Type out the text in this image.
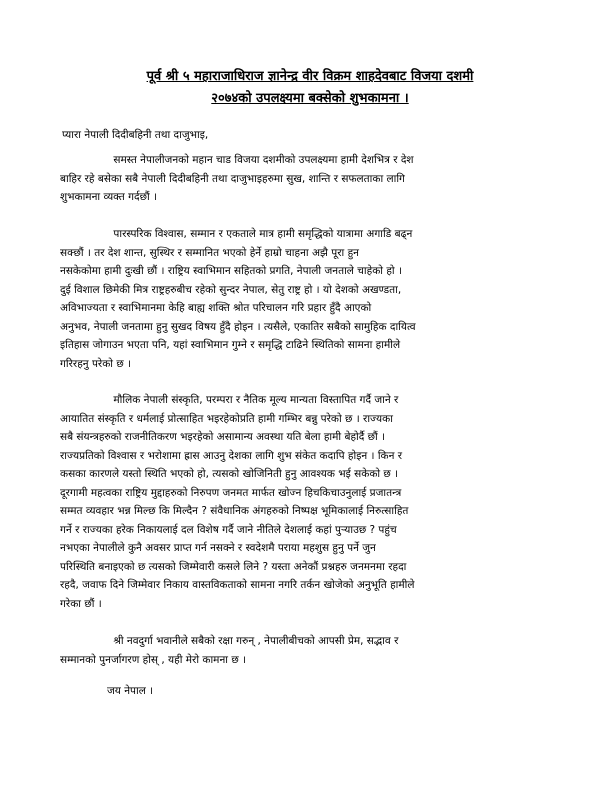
पूर्व श्री ५ महाराजाधिराज ज्ञानेन्द्र वीर विक्रम शाहदेवबाट विजया दशमी
२०७४को उपलक्ष्यमा बक्सेको शुभकामना ।
प्यारा नेपाली दिदीबहिनी तथा दाजुभाइ,
समस्त नेपालीजनको महान चाड विजया दशमीको उपलक्ष्यमा हामी देशभित्र र देश
बाहिर रहे बसेका सबै नेपाली दिदीबहिनी तथा दाजुभाइहरुमा सुख, शान्ति र सफलताका लागि
शुभकामना व्यक्त गर्दछौं ।
पारस्परिक विश्वास, सम्मान र एकताले मात्र हामी समृद्धिको यात्रामा अगाडि बढ्न
सक्छौं । तर देश शान्त, सुस्थिर र सम्मानित भएको हेर्ने हाम्रो चाहना अझै पूरा हुन
नसकेकोमा हामी दुःखी छौं । राष्ट्रिय स्वाभिमान सहितको प्रगति, नेपाली जनताले चाहेको हो ।
दुई विशाल छिमेकी मित्र राष्ट्रहरुबीच रहेको सुन्दर नेपाल, सेतु राष्ट्र हो । यो देशको अखण्डता,
अविभाज्यता र स्वाभिमानमा केहि बाह्य शक्ति श्रोत परिचालन गरि प्रहार हुँदै आएको
अनुभव, नेपाली जनतामा हुनु सुखद विषय हुँदै होइन । त्यसैले, एकातिर सबैको सामुहिक दायित्व
इतिहास जोगाउन भएता पनि, यहां स्वाभिमान गुम्ने र समृद्धि टाढिने स्थितिको सामना हामीले
गरिरहनु परेको छ ।
मौलिक नेपाली संस्कृति, परम्परा र नैतिक मूल्य मान्यता विस्तापित गर्दै जाने र
आयातित संस्कृति र धर्मलाई प्रोत्साहित भइरहेकोप्रति हामी गम्भिर बन्नु परेको छ । राज्यका
सबै संयन्त्रहरुको राजनीतिकरण भइरहेको असामान्य अवस्था यति बेला हामी बेहोर्दै छौं ।
राज्यप्रतिको विश्वास र भरोशामा ह्रास आउनु देशका लागि शुभ संकेत कदापि होइन । किन र
कसका कारणले यस्तो स्थिति भएको हो, त्यसको खोजिनिती हुनु आवश्यक भई सकेको छ ।
दूरगामी महत्वका राष्ट्रिय मुद्दाहरुको निरुपण जनमत मार्फत खोज्न हिचकिचाउनुलाई प्रजातन्त्र
सम्मत व्यवहार भन्न मिल्छ कि मिल्दैन ? संवैधानिक अंगहरुको निष्पक्ष भूमिकालाई निरुत्साहित
गर्ने र राज्यका हरेक निकायलाई दल विशेष गर्दै जाने नीतिले देशलाई कहां पुर्‍याउछ ? पहुंच
नभएका नेपालीले कुनै अवसर प्राप्त गर्न नसक्ने र स्वदेशमै पराया महशुस हुनु पर्ने जुन
परिस्थिति बनाइएको छ त्यसको जिम्मेवारी कसले लिने ? यस्ता अनेकौं प्रश्नहरु जनमनमा रहदा
रहदै, जवाफ दिने जिम्मेवार निकाय वास्तविकताको सामना नगरि तर्कन खोजेको अनुभूति हामीले
गरेका छौं ।
श्री नवदुर्गा भवानीले सबैको रक्षा गरुन् , नेपालीबीचको आपसी प्रेम, सद्भाव र
सम्मानको पुनर्जागरण होस् , यही मेरो कामना छ ।
जय नेपाल ।
